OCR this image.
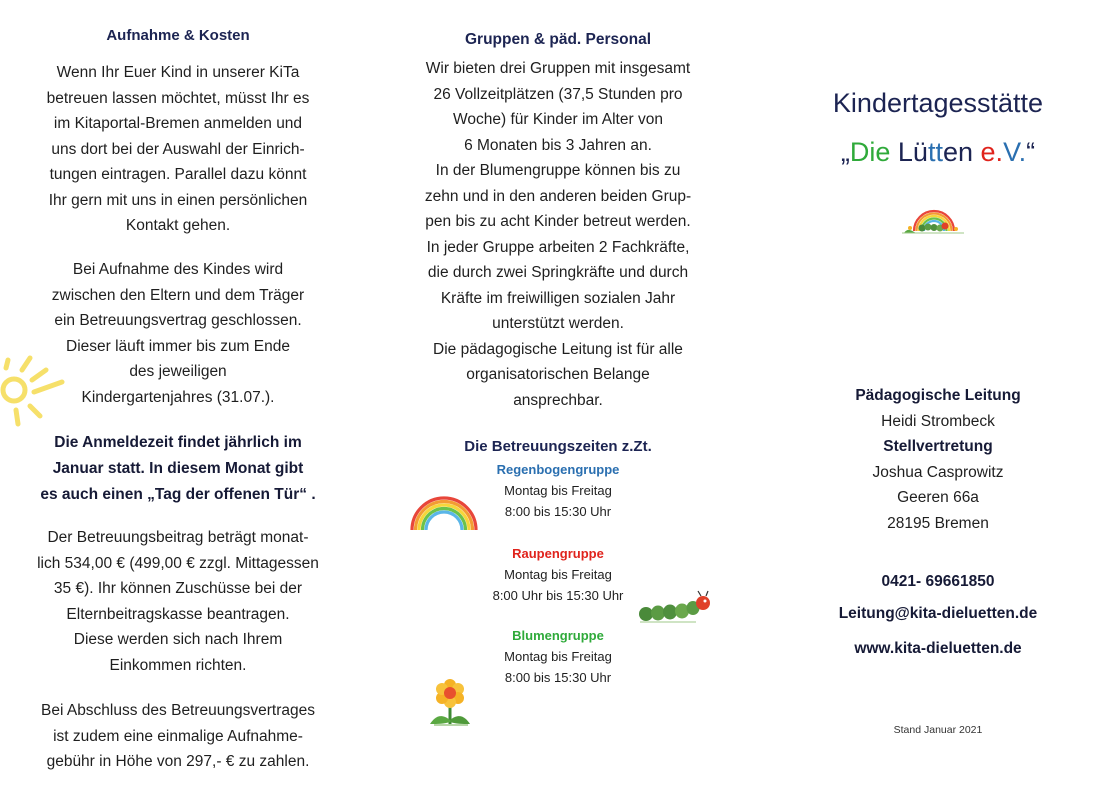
Aufnahme & Kosten
Wenn Ihr Euer Kind in unserer KiTa
betreuen lassen möchtet, müsst Ihr es
im Kitaportal-Bremen anmelden und
uns dort bei der Auswahl der Einrich-
tungen eintragen. Parallel dazu könnt
Ihr gern mit uns in einen persönlichen
Kontakt gehen.
Bei Aufnahme des Kindes wird
zwischen den Eltern und dem Träger
ein Betreuungsvertrag geschlossen.
Dieser läuft immer bis zum Ende
des jeweiligen
Kindergartenjahres (31.07.).
Die Anmeldezeit findet jährlich im
Januar statt. In diesem Monat gibt
es auch einen „Tag der offenen Tür“ .
Der Betreuungsbeitrag beträgt monat-
lich 534,00 € (499,00 € zzgl. Mittagessen
35 €). Ihr können Zuschüsse bei der
Elternbeitragskasse beantragen.
Diese werden sich nach Ihrem
Einkommen richten.
Bei Abschluss des Betreuungsvertrages
ist zudem eine einmalige Aufnahme-
gebühr in Höhe von 297,- € zu zahlen.
Gruppen & päd. Personal
Wir bieten drei Gruppen mit insgesamt
26 Vollzeitplätzen (37,5 Stunden pro
Woche) für Kinder im Alter von
6 Monaten bis 3 Jahren an.
In der Blumengruppe können bis zu
zehn und in den anderen beiden Grup-
pen bis zu acht Kinder betreut werden.
In jeder Gruppe arbeiten 2 Fachkräfte,
die durch zwei Springkräfte und durch
Kräfte im freiwilligen sozialen Jahr
unterstützt werden.
Die pädagogische Leitung ist für alle
organisatorischen Belange
ansprechbar.
Die Betreuungszeiten z.Zt.
Regenbogengruppe
Montag bis Freitag
8:00 bis 15:30 Uhr
Raupengruppe
Montag bis Freitag
8:00 Uhr bis 15:30 Uhr
Blumengruppe
Montag bis Freitag
8:00 bis 15:30 Uhr
Kindertagesstätte
„Die Lütten e.V.“
Pädagogische Leitung
Heidi Strombeck
Stellvertretung
Joshua Casprowitz
Geeren 66a
28195 Bremen
0421- 69661850
Leitung@kita-dieluetten.de
www.kita-dieluetten.de
Stand Januar 2021
